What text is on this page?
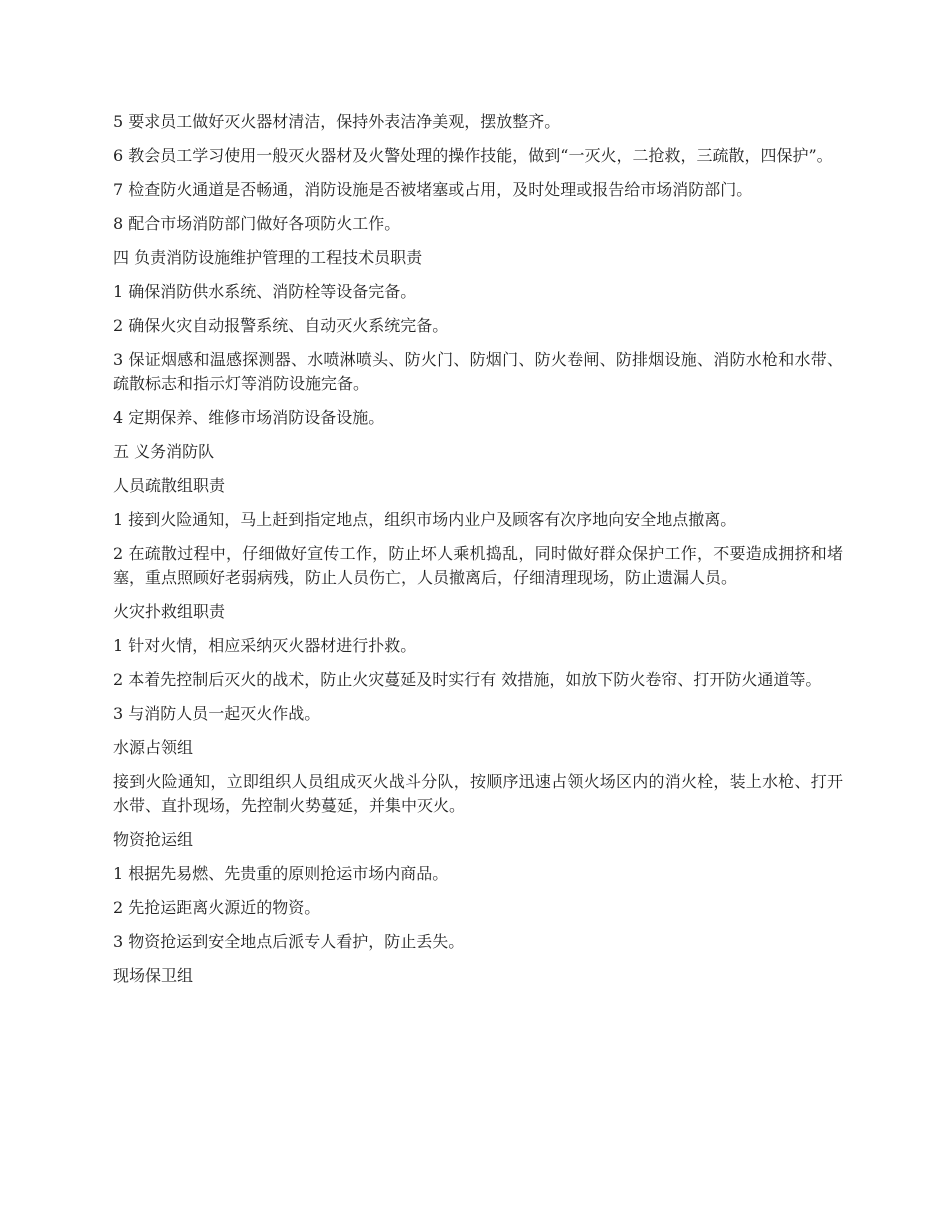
5 要求员工做好灭火器材清洁，保持外表洁净美观，摆放整齐。

6 教会员工学习使用一般灭火器材及火警处理的操作技能，做到“一灭火，二抢救，三疏散，四保护”。

7 检查防火通道是否畅通，消防设施是否被堵塞或占用，及时处理或报告给市场消防部门。

8 配合市场消防部门做好各项防火工作。

四 负责消防设施维护管理的工程技术员职责

1 确保消防供水系统、消防栓等设备完备。

2 确保火灾自动报警系统、自动灭火系统完备。

3 保证烟感和温感探测器、水喷淋喷头、防火门、防烟门、防火卷闸、防排烟设施、消防水枪和水带、疏散标志和指示灯等消防设施完备。

4 定期保养、维修市场消防设备设施。

五 义务消防队

人员疏散组职责

1 接到火险通知，马上赶到指定地点，组织市场内业户及顾客有次序地向安全地点撤离。

2 在疏散过程中，仔细做好宣传工作，防止坏人乘机捣乱，同时做好群众保护工作，不要造成拥挤和堵塞，重点照顾好老弱病残，防止人员伤亡，人员撤离后，仔细清理现场，防止遗漏人员。

火灾扑救组职责

1 针对火情，相应采纳灭火器材进行扑救。

2 本着先控制后灭火的战术，防止火灾蔓延及时实行有 效措施，如放下防火卷帘、打开防火通道等。

3 与消防人员一起灭火作战。

水源占领组

接到火险通知，立即组织人员组成灭火战斗分队，按顺序迅速占领火场区内的消火栓，装上水枪、打开水带、直扑现场，先控制火势蔓延，并集中灭火。

物资抢运组

1 根据先易燃、先贵重的原则抢运市场内商品。

2 先抢运距离火源近的物资。

3 物资抢运到安全地点后派专人看护，防止丢失。

现场保卫组
